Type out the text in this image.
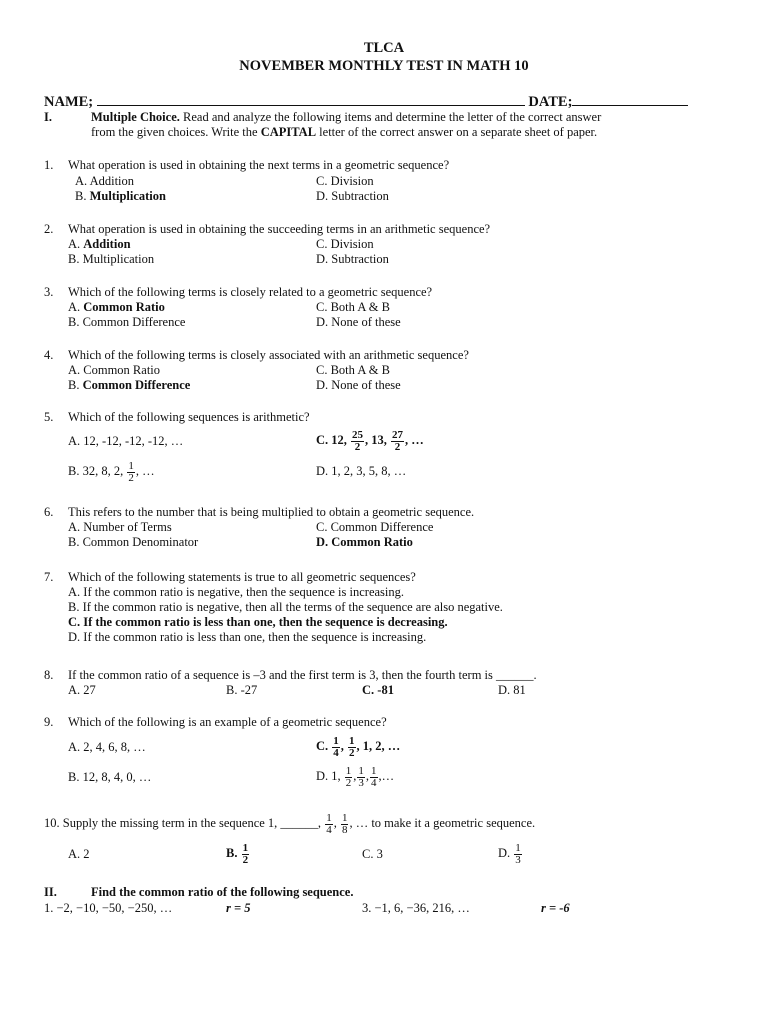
TLCA
NOVEMBER MONTHLY TEST IN MATH 10
NAME;	DATE;
I.	Multiple Choice. Read and analyze the following items and determine the letter of the correct answer
from the given choices. Write the CAPITAL letter of the correct answer on a separate sheet of paper.
1. What operation is used in obtaining the next terms in a geometric sequence?
A. Addition	C. Division
B. Multiplication	D. Subtraction
2. What operation is used in obtaining the succeeding terms in an arithmetic sequence?
A. Addition	C. Division
B. Multiplication	D. Subtraction
3. Which of the following terms is closely related to a geometric sequence?
A. Common Ratio	C. Both A & B
B. Common Difference	D. None of these
4. Which of the following terms is closely associated with an arithmetic sequence?
A. Common Ratio	C. Both A & B
B. Common Difference	D. None of these
5. Which of the following sequences is arithmetic?
A. 12, -12, -12, -12, …	C. 12, $\frac{25}{2}$ , 13, $\frac{27}{2}$ , …
B. 32, 8, 2, $\frac{1}{2}$ , …	D. 1, 2, 3, 5, 8, …
6. This refers to the number that is being multiplied to obtain a geometric sequence.
A. Number of Terms	C. Common Difference
B. Common Denominator	D. Common Ratio
7. Which of the following statements is true to all geometric sequences?
A. If the common ratio is negative, then the sequence is increasing.
B. If the common ratio is negative, then all the terms of the sequence are also negative.
C. If the common ratio is less than one, then the sequence is decreasing.
D. If the common ratio is less than one, then the sequence is increasing.
8. If the common ratio of a sequence is –3 and the first term is 3, then the fourth term is ______.
A. 27	B. -27	C. -81	D. 81
9. Which of the following is an example of a geometric sequence?
A. 2, 4, 6, 8, …	C. $\frac{1}{4}$ , $\frac{1}{2}$ , 1, 2, …
B. 12, 8, 4, 0, …	D. 1, $\frac{1}{2}$ , $\frac{1}{3}$ , $\frac{1}{4}$ ,…
10. Supply the missing term in the sequence 1, ______, $\frac{1}{4}$ , $\frac{1}{8}$ , … to make it a geometric sequence.
A. 2	B. $\frac{1}{2}$	C. 3	D. $\frac{1}{3}$
II.	Find the common ratio of the following sequence.
1. −2, −10, −50, −250, …	r = 5	3. −1, 6, −36, 216, …	r = -6
